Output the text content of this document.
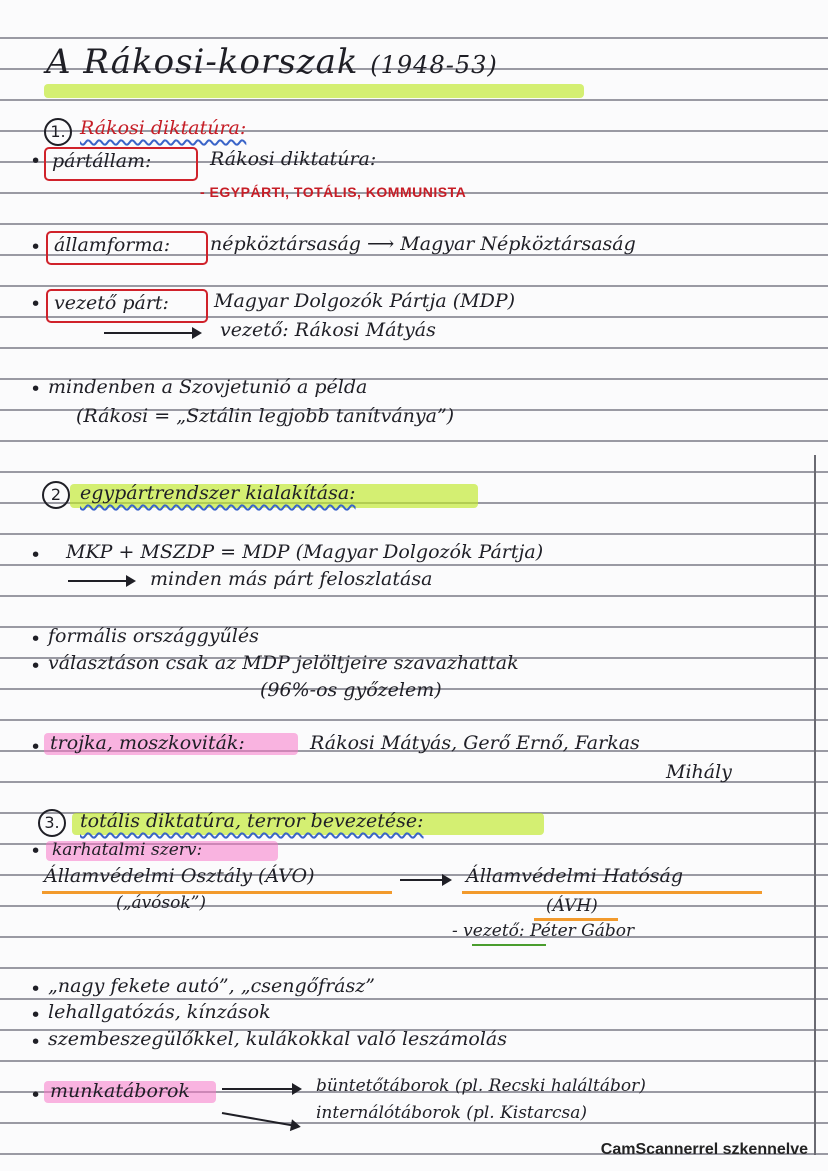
A Rákosi-korszak (1948-53)
1. Rákosi diktatúra:
• pártállam:	Rákosi diktatúra:
- EGYPÁRTI, TOTÁLIS, KOMMUNISTA
• államforma: népköztársaság ⟶ Magyar Népköztársaság
• vezető párt: Magyar Dolgozók Pártja (MDP)
vezető: Rákosi Mátyás
• mindenben a Szovjetunió a példa
(Rákosi = „Sztálin legjobb tanítványa”)
2 egypártrendszer kialakítása:
• MKP + MSZDP = MDP (Magyar Dolgozók Pártja)
minden más párt feloszlatása
• formális országgyűlés
• választáson csak az MDP jelöltjeire szavazhattak
(96%-os győzelem)
• trojka, moszkoviták:	Rákosi Mátyás, Gerő Ernő, Farkas
Mihály
3.	totális diktatúra, terror bevezetése:
• karhatalmi szerv:
Államvédelmi Osztály (ÁVO)	Államvédelmi Hatóság
(„ávósok”)	(ÁVH)
- vezető: Péter Gábor
• „nagy fekete autó”, „csengőfrász”
• lehallgatózás, kínzások
• szembeszegülőkkel, kulákokkal való leszámolás
• munkatáborok	büntetőtáborok (pl. Recski haláltábor)
internálótáborok (pl. Kistarcsa)
CamScannerrel szkennelve
